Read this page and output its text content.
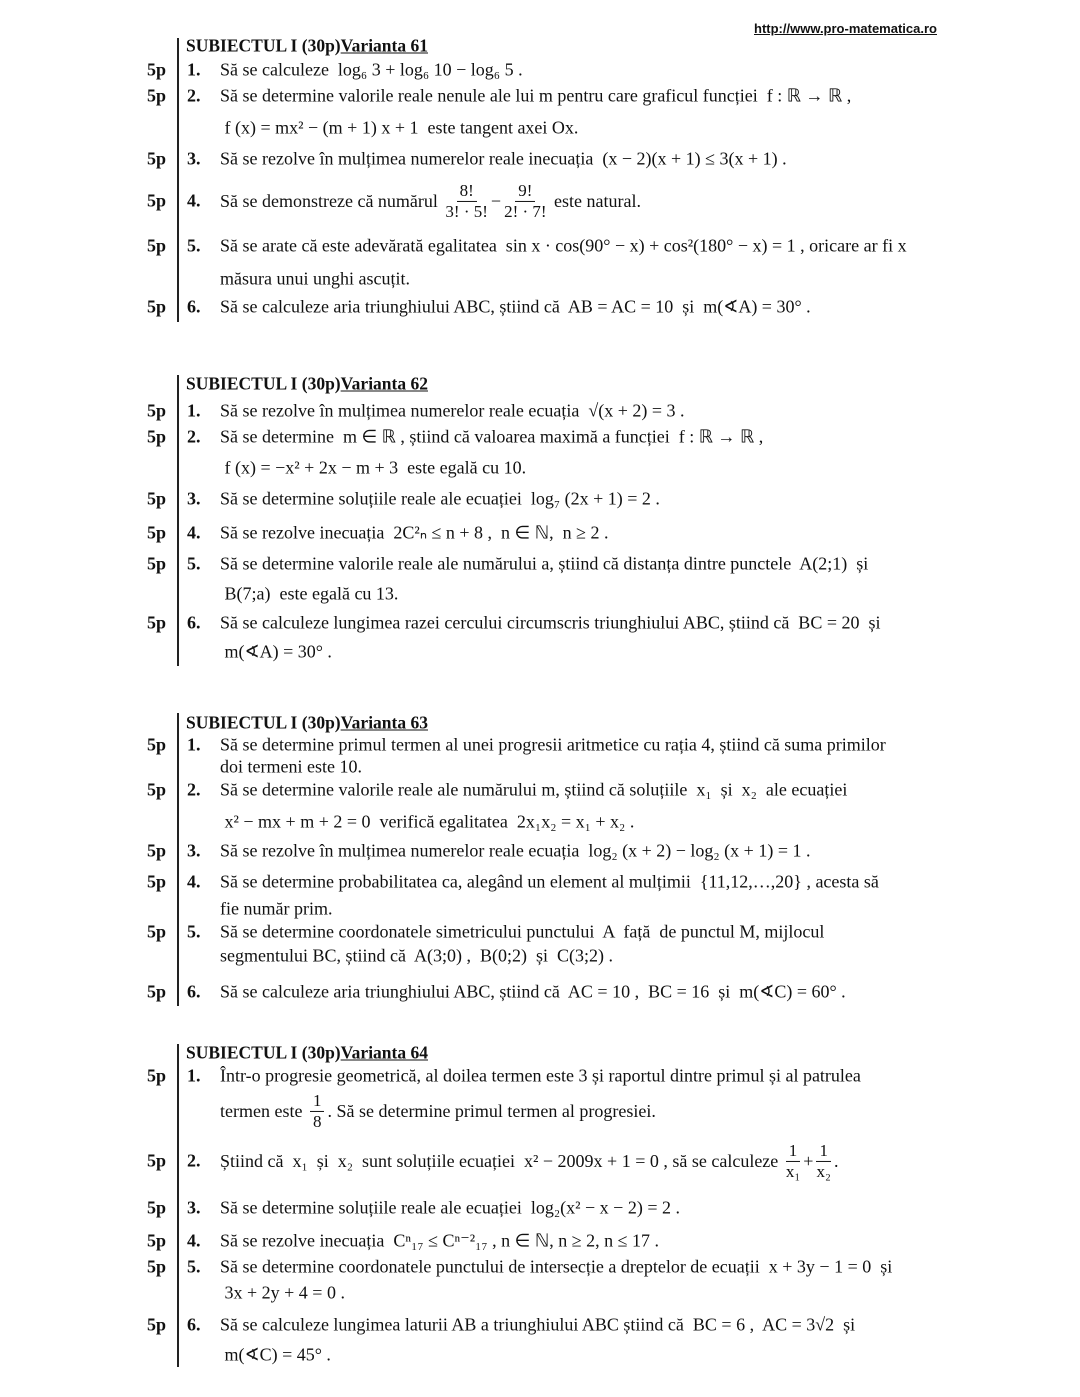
http://www.pro-matematica.ro
SUBIECTUL I (30p)Varianta 61
5p 1. Să se calculeze  log₆ 3 + log₆ 10 − log₆ 5 .
5p 2. Să se determine valorile reale nenule ale lui m pentru care graficul funcției  f : ℝ → ℝ ,
f (x) = mx² − (m + 1) x + 1  este tangent axei Ox.
5p 3. Să se rezolve în mulțimea numerelor reale inecuația  (x − 2)(x + 1) ≤ 3(x + 1) .
5p 4. Să se demonstreze că numărul $\frac{8!}{3! \cdot 5!} - \frac{9!}{2! \cdot 7!}$ este natural.
5p 5. Să se arate că este adevărată egalitatea  sin x · cos(90° − x) + cos²(180° − x) = 1 , oricare ar fi x
măsura unui unghi ascuțit.
5p 6. Să se calculeze aria triunghiului ABC, știind că  AB = AC = 10  și  m(∢A) = 30° .
SUBIECTUL I (30p)Varianta 62
5p 1. Să se rezolve în mulțimea numerelor reale ecuația  √(x + 2) = 3 .
5p 2. Să se determine  m ∈ ℝ , știind că valoarea maximă a funcției  f : ℝ → ℝ ,
f (x) = −x² + 2x − m + 3  este egală cu 10.
5p 3. Să se determine soluțiile reale ale ecuației  log₇ (2x + 1) = 2 .
5p 4. Să se rezolve inecuația  2C²ₙ ≤ n + 8 ,  n ∈ ℕ,  n ≥ 2 .
5p 5. Să se determine valorile reale ale numărului a, știind că distanța dintre punctele  A(2;1)  și
B(7;a)  este egală cu 13.
5p 6. Să se calculeze lungimea razei cercului circumscris triunghiului ABC, știind că  BC = 20  și
m(∢A) = 30° .
SUBIECTUL I (30p)Varianta 63
5p 1. Să se determine primul termen al unei progresii aritmetice cu rația 4, știind că suma primilor
doi termeni este 10.
5p 2. Să se determine valorile reale ale numărului m, știind că soluțiile  x₁  și  x₂  ale ecuației
x² − mx + m + 2 = 0  verifică egalitatea  2x₁x₂ = x₁ + x₂ .
5p 3. Să se rezolve în mulțimea numerelor reale ecuația  log₂ (x + 2) − log₂ (x + 1) = 1 .
5p 4. Să se determine probabilitatea ca, alegând un element al mulțimii  {11,12,…,20} , acesta să
fie număr prim.
5p 5. Să se determine coordonatele simetricului punctului  A  față  de punctul M, mijlocul
segmentului BC, știind că  A(3;0) ,  B(0;2)  și  C(3;2) .
5p 6. Să se calculeze aria triunghiului ABC, știind că  AC = 10 ,  BC = 16  și  m(∢C) = 60° .
SUBIECTUL I (30p)Varianta 64
5p 1. Într-o progresie geometrică, al doilea termen este 3 și raportul dintre primul și al patrulea
termen este $\frac{1}{8}$ . Să se determine primul termen al progresiei.
5p 2. Știind că  x₁  și  x₂  sunt soluțiile ecuației  x² − 2009x + 1 = 0 , să se calculeze $\frac{1}{\text{x₁}} + \frac{1}{\text{x₂}}$ .
5p 3. Să se determine soluțiile reale ale ecuației  log₂(x² − x − 2) = 2 .
5p 4. Să se rezolve inecuația  Cⁿ₁₇ ≤ Cⁿ⁻²₁₇ , n ∈ ℕ, n ≥ 2, n ≤ 17 .
5p 5. Să se determine coordonatele punctului de intersecție a dreptelor de ecuații  x + 3y − 1 = 0  și
3x + 2y + 4 = 0 .
5p 6. Să se calculeze lungimea laturii AB a triunghiului ABC știind că  BC = 6 ,  AC = 3√2  și
m(∢C) = 45° .
